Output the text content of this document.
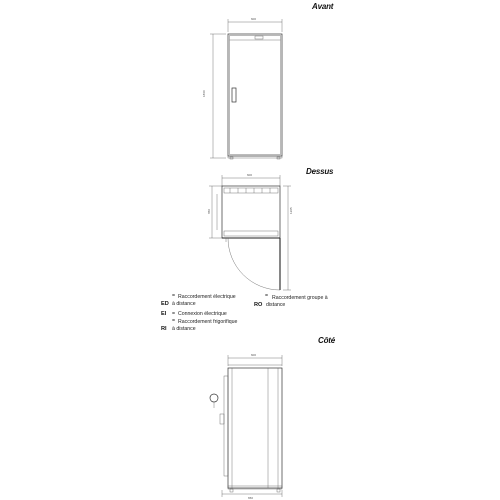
Avant
600
1860
Dessus
600
650	1205
= Raccordement électrique
ED à distance
EI = Connexion électrique
= Raccordement frigorifique
RI à distance
= Raccordement groupe à
RO distance
Côté
600
650
